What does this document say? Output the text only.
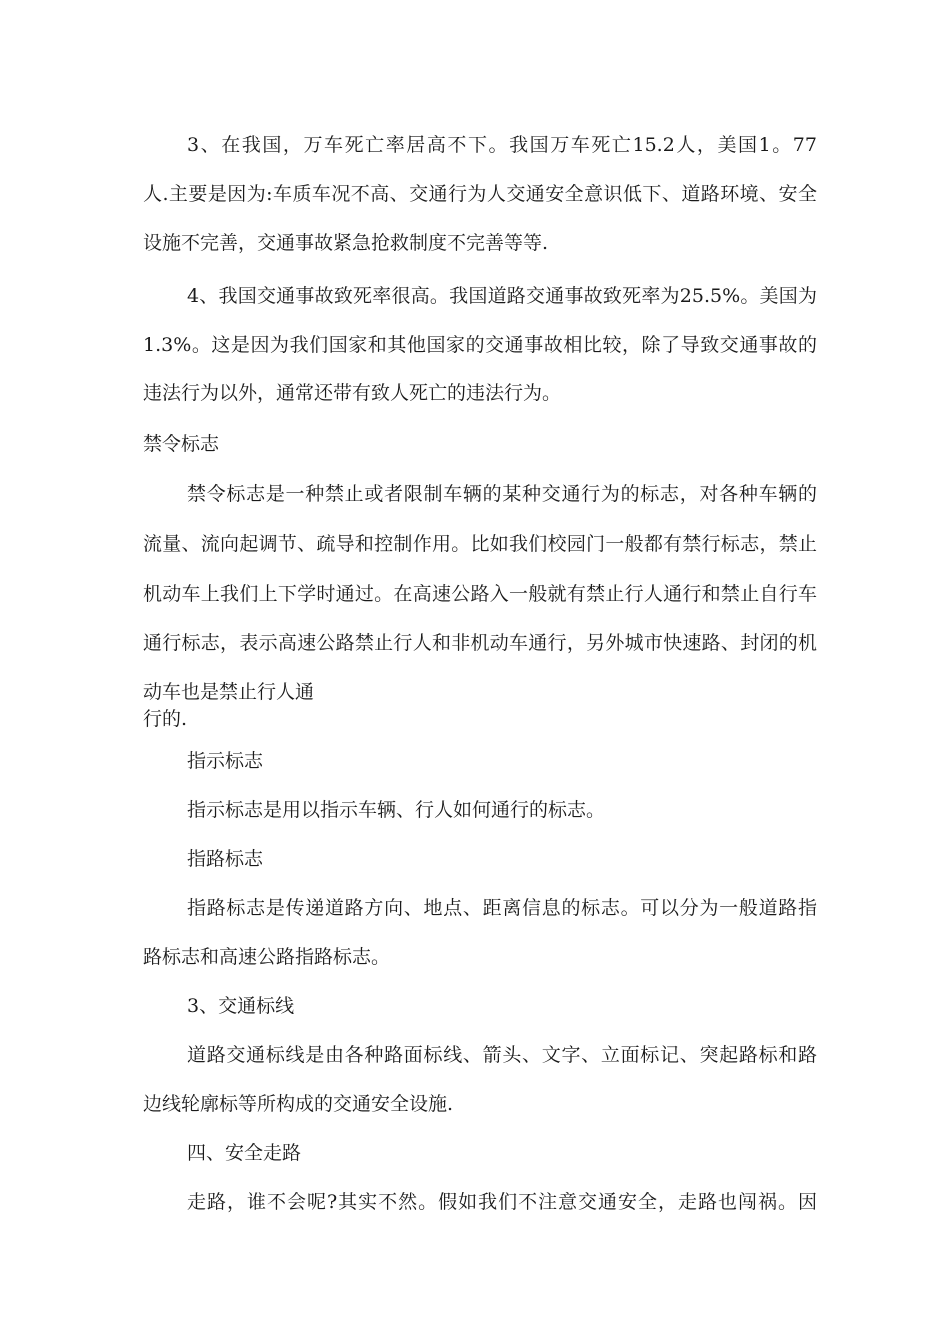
3、在我国，万车死亡率居高不下。我国万车死亡15.2人，美国1。77
人.主要是因为:车质车况不高、交通行为人交通安全意识低下、道路环境、安全
设施不完善，交通事故紧急抢救制度不完善等等.
4、我国交通事故致死率很高。我国道路交通事故致死率为25.5%。美国为
1.3%。这是因为我们国家和其他国家的交通事故相比较，除了导致交通事故的
违法行为以外，通常还带有致人死亡的违法行为。
禁令标志
禁令标志是一种禁止或者限制车辆的某种交通行为的标志，对各种车辆的
流量、流向起调节、疏导和控制作用。比如我们校园门一般都有禁行标志，禁止
机动车上我们上下学时通过。在高速公路入一般就有禁止行人通行和禁止自行车
通行标志，表示高速公路禁止行人和非机动车通行，另外城市快速路、封闭的机
动车也是禁止行人通
行的.
指示标志
指示标志是用以指示车辆、行人如何通行的标志。
指路标志
指路标志是传递道路方向、地点、距离信息的标志。可以分为一般道路指
路标志和高速公路指路标志。
3、交通标线
道路交通标线是由各种路面标线、箭头、文字、立面标记、突起路标和路
边线轮廓标等所构成的交通安全设施.
四、安全走路
走路，谁不会呢?其实不然。假如我们不注意交通安全，走路也闯祸。因
